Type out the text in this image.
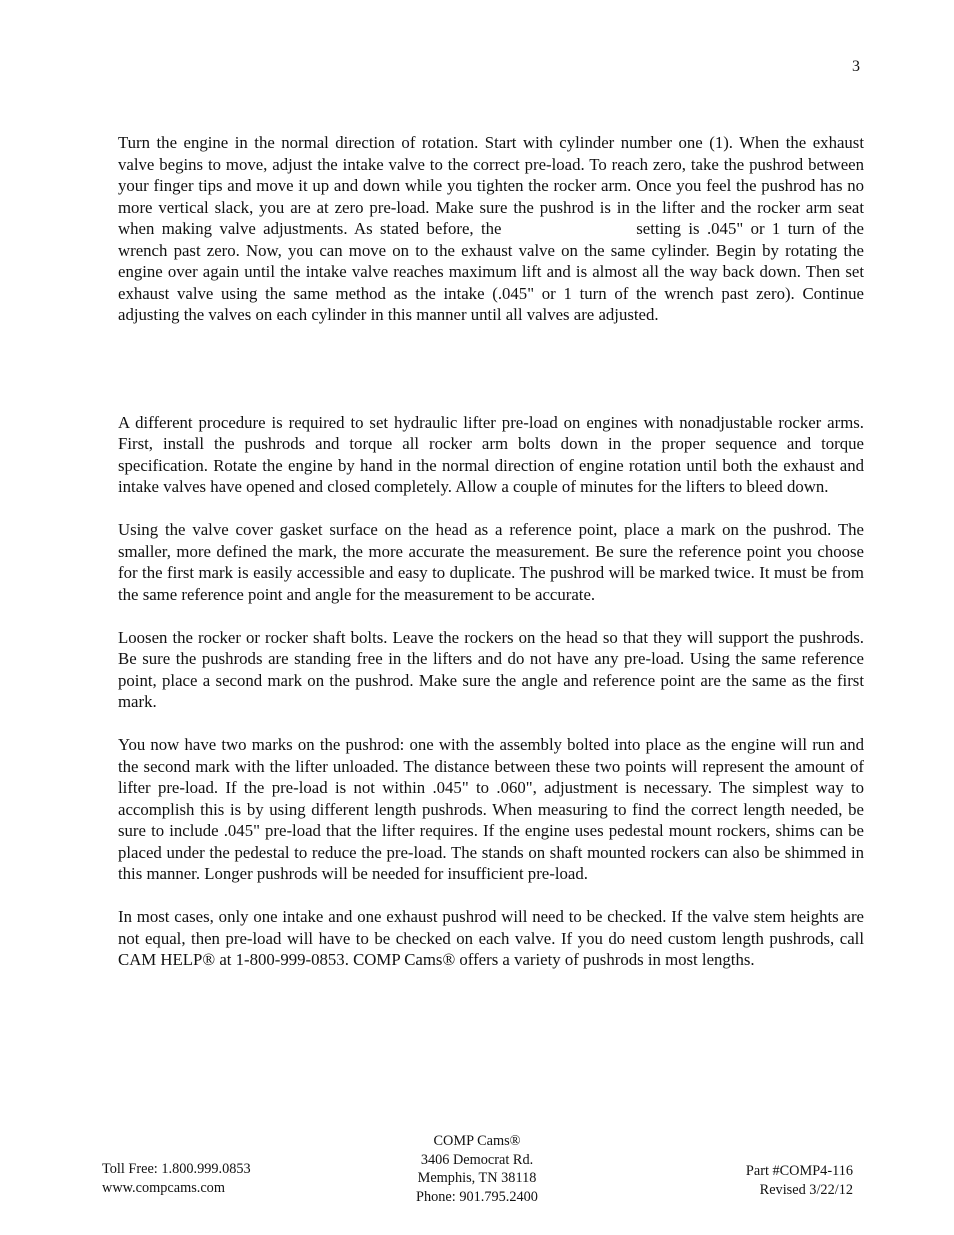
3

Turn the engine in the normal direction of rotation. Start with cylinder number one (1). When the exhaust valve begins to move, adjust the intake valve to the correct pre-load. To reach zero, take the pushrod between your finger tips and move it up and down while you tighten the rocker arm. Once you feel the pushrod has no more vertical slack, you are at zero pre-load. Make sure the pushrod is in the lifter and the rocker arm seat when making valve adjustments. As stated before, the	setting is .045" or 1 turn of the wrench past zero. Now, you can move on to the exhaust valve on the same cylinder. Begin by rotating the engine over again until the intake valve reaches maximum lift and is almost all the way back down. Then set exhaust valve using the same method as the intake (.045" or 1 turn of the wrench past zero). Continue adjusting the valves on each cylinder in this manner until all valves are adjusted.

A different procedure is required to set hydraulic lifter pre-load on engines with nonadjustable rocker arms. First, install the pushrods and torque all rocker arm bolts down in the proper sequence and torque specification. Rotate the engine by hand in the normal direction of engine rotation until both the exhaust and intake valves have opened and closed completely. Allow a couple of minutes for the lifters to bleed down.

Using the valve cover gasket surface on the head as a reference point, place a mark on the pushrod. The smaller, more defined the mark, the more accurate the measurement. Be sure the reference point you choose for the first mark is easily accessible and easy to duplicate. The pushrod will be marked twice. It must be from the same reference point and angle for the measurement to be accurate.

Loosen the rocker or rocker shaft bolts. Leave the rockers on the head so that they will support the pushrods. Be sure the pushrods are standing free in the lifters and do not have any pre-load. Using the same reference point, place a second mark on the pushrod. Make sure the angle and reference point are the same as the first mark.

You now have two marks on the pushrod: one with the assembly bolted into place as the engine will run and the second mark with the lifter unloaded. The distance between these two points will represent the amount of lifter pre-load. If the pre-load is not within .045" to .060", adjustment is necessary. The simplest way to accomplish this is by using different length pushrods. When measuring to find the correct length needed, be sure to include .045" pre-load that the lifter requires. If the engine uses pedestal mount rockers, shims can be placed under the pedestal to reduce the pre-load. The stands on shaft mounted rockers can also be shimmed in this manner. Longer pushrods will be needed for insufficient pre-load.

In most cases, only one intake and one exhaust pushrod will need to be checked. If the valve stem heights are not equal, then pre-load will have to be checked on each valve. If you do need custom length pushrods, call CAM HELP® at 1-800-999-0853. COMP Cams® offers a variety of pushrods in most lengths.

Toll Free: 1.800.999.0853
www.compcams.com
COMP Cams®
3406 Democrat Rd.
Memphis, TN 38118
Phone: 901.795.2400
Part #COMP4-116
Revised 3/22/12
